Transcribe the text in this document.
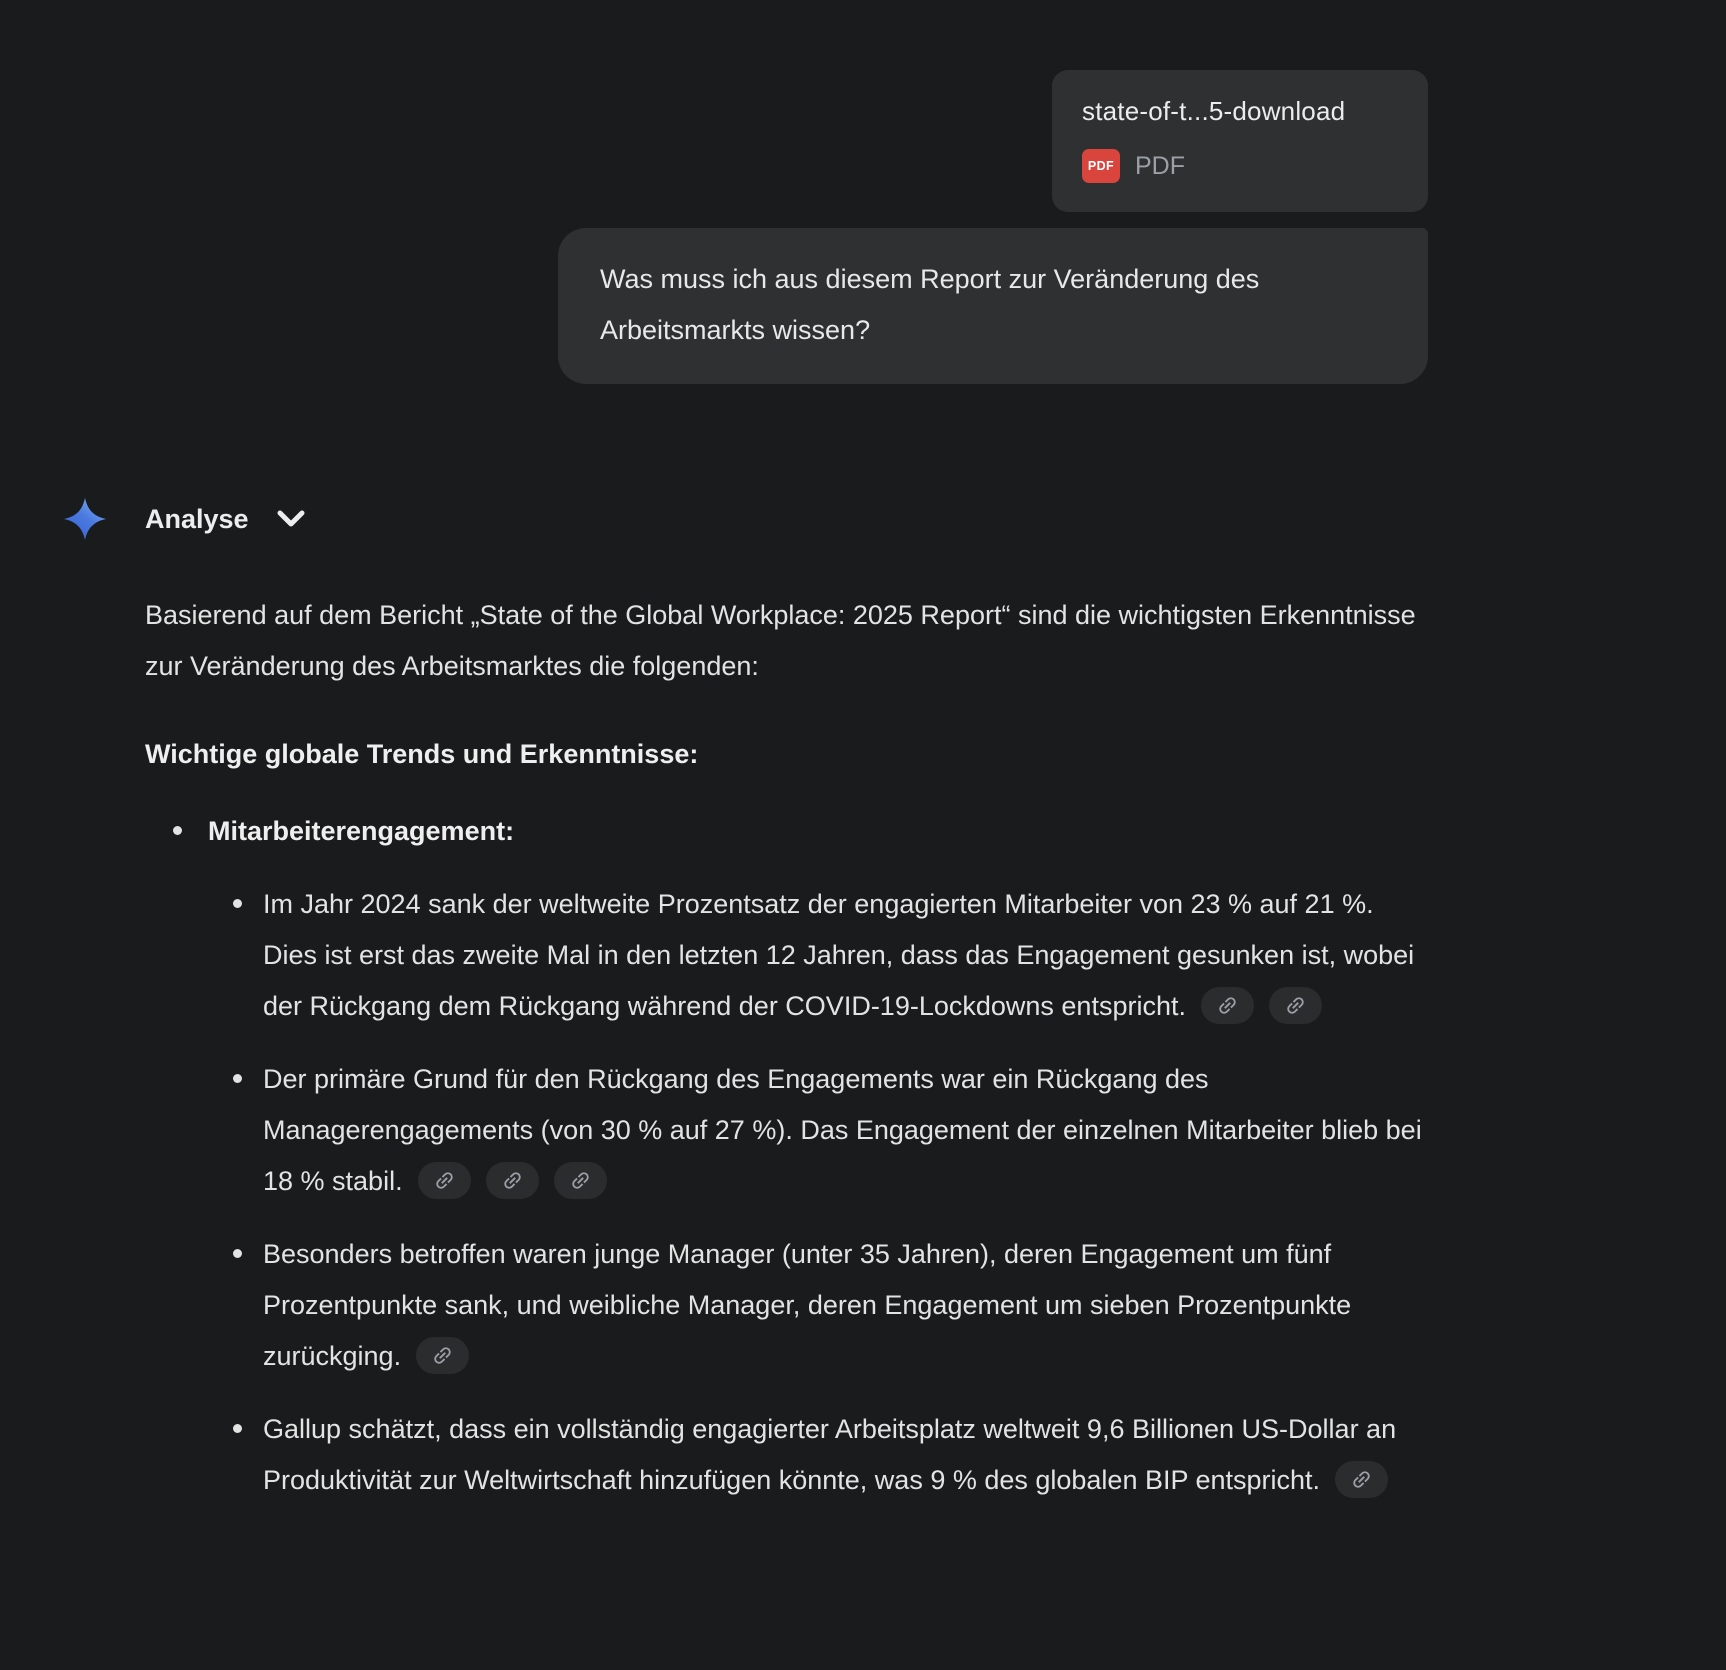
state-of-t...5-download
PDF PDF
Was muss ich aus diesem Report zur Veränderung des Arbeitsmarkts wissen?
Analyse
Basierend auf dem Bericht „State of the Global Workplace: 2025 Report“ sind die wichtigsten Erkenntnisse zur Veränderung des Arbeitsmarktes die folgenden:
Wichtige globale Trends und Erkenntnisse:
Mitarbeiterengagement:
Im Jahr 2024 sank der weltweite Prozentsatz der engagierten Mitarbeiter von 23 % auf 21 %. Dies ist erst das zweite Mal in den letzten 12 Jahren, dass das Engagement gesunken ist, wobei der Rückgang dem Rückgang während der COVID-19-Lockdowns entspricht.
Der primäre Grund für den Rückgang des Engagements war ein Rückgang des Managerengagements (von 30 % auf 27 %). Das Engagement der einzelnen Mitarbeiter blieb bei 18 % stabil.
Besonders betroffen waren junge Manager (unter 35 Jahren), deren Engagement um fünf Prozentpunkte sank, und weibliche Manager, deren Engagement um sieben Prozentpunkte zurückging.
Gallup schätzt, dass ein vollständig engagierter Arbeitsplatz weltweit 9,6 Billionen US-Dollar an Produktivität zur Weltwirtschaft hinzufügen könnte, was 9 % des globalen BIP entspricht.
